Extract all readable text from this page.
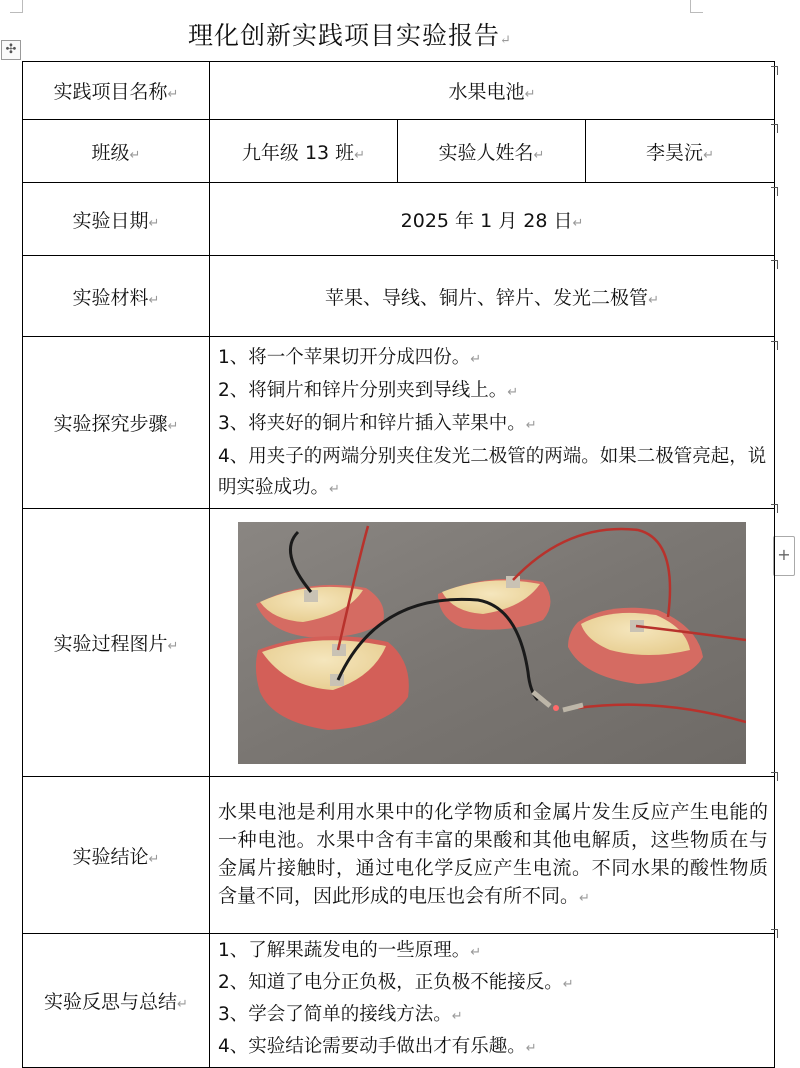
✣
+
理化创新实践项目实验报告↵
实践项目名称↵	水果电池↵		
班级↵	九年级 13 班↵	实验人姓名↵	李昊沅↵
实验日期↵	2025 年 1 月 28 日↵		
实验材料↵	苹果、导线、铜片、锌片、发光二极管↵		
实验探究步骤↵	1、将一个苹果切开分成四份。↵
2、将铜片和锌片分别夹到导线上。↵
3、将夹好的铜片和锌片插入苹果中。↵
4、用夹子的两端分别夹住发光二极管的两端。如果二极管亮起，说明实验成功。↵		

实验过程图片↵	

实验结论↵	水果电池是利用水果中的化学物质和金属片发生反应产生电能的一种电池。水果中含有丰富的果酸和其他电解质，这些物质在与金属片接触时，通过电化学反应产生电流。不同水果的酸性物质含量不同，因此形成的电压也会有所不同。↵		
实验反思与总结↵	1、了解果蔬发电的一些原理。↵
2、知道了电分正负极，正负极不能接反。↵
3、学会了简单的接线方法。↵
4、实验结论需要动手做出才有乐趣。↵		
